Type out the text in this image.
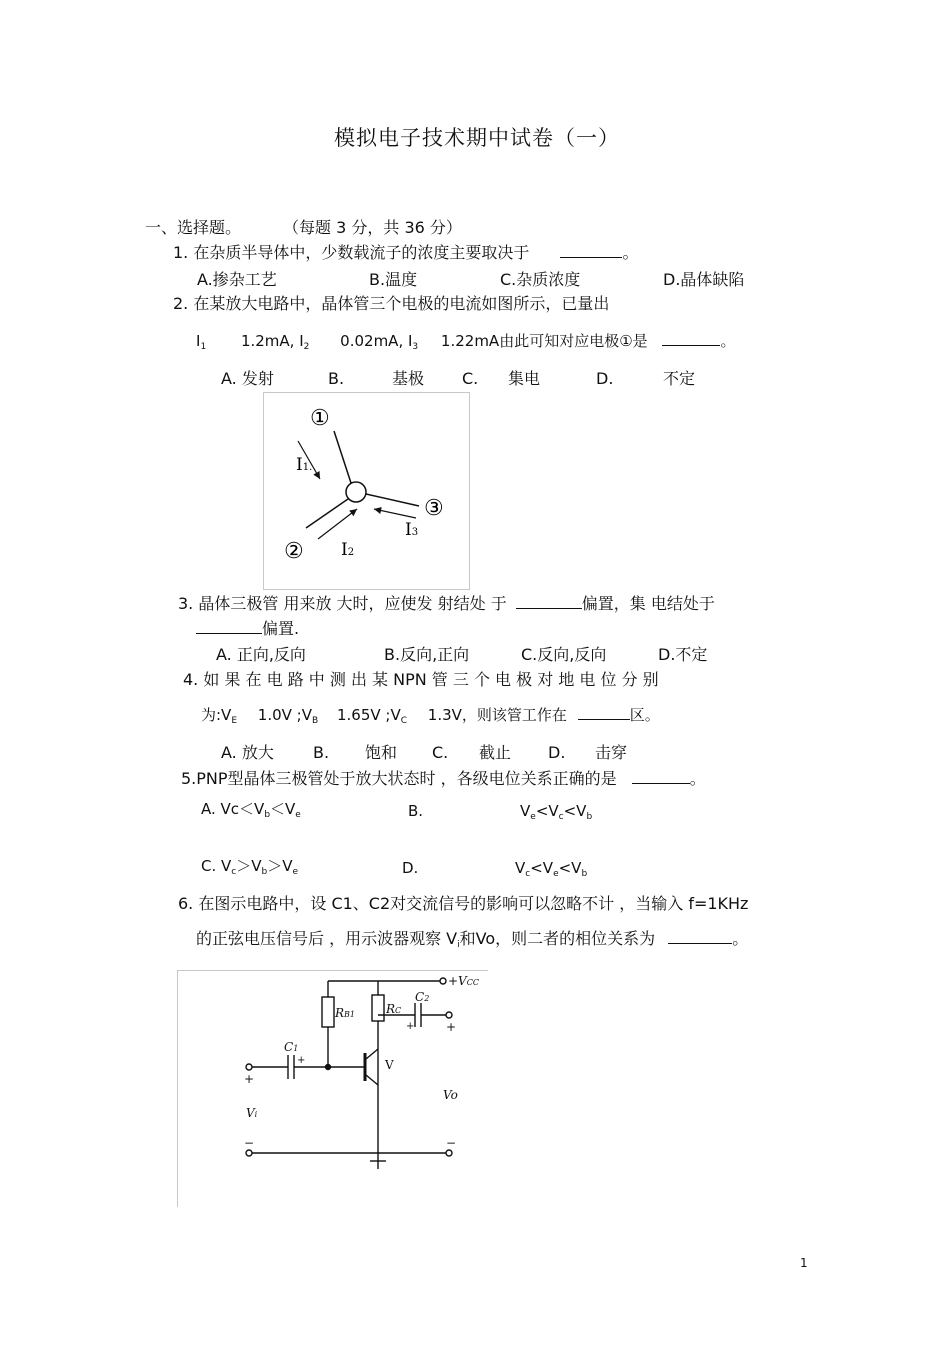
模拟电子技术期中试卷（一）
一、选择题。	（每题 3 分，共 36 分）
1. 在杂质半导体中，少数载流子的浓度主要取决于	。
A.掺杂工艺	B.温度	C.杂质浓度	D.晶体缺陷
2. 在某放大电路中，晶体管三个电极的电流如图所示，已量出
$I_1$ 1.2mA, $I_2$ 0.02mA, $I_3$ 1.22mA由此可知对应电极①是	。
A. 发射	B.	基极 C. 集电	D.	不定
①
②
③
I1.
I2
I3
3. 晶体三极管 用来放 大时，应使发 射结处 于	偏置，集 电结处于
偏置.
A. 正向,反向	B.反向,正向	C.反向,反向	D.不定
4. 如 果 在 电 路 中 测 出 某 NPN 管 三 个 电 极 对 地 电 位 分 别
为$:V_E$ 1.0V $;V_B$ 1.65V $;V_C$ 1.3V，则该管工作在	区。
A. 放大 B. 饱和 C. 截止 D. 击穿
5.PNP型晶体三极管处于放大状态时 ，各级电位关系正确的是	。
A. $Vc<V_b<V_e$	B.	$V_e<V_c<V_b$
C. $V_c>V_b>V_e$	D.	$V_c<V_e<V_b$
6. 在图示电路中，设 C1、C2对交流信号的影响可以忽略不计 ，当输入 f=1KHz
的正弦电压信号后 ，用示波器观察 $V_i$和Vo，则二者的相位关系为	。
+VCC
RB1	RC
C2
C1
V
Vi
Vo
+
+
+	+
−	−
1
